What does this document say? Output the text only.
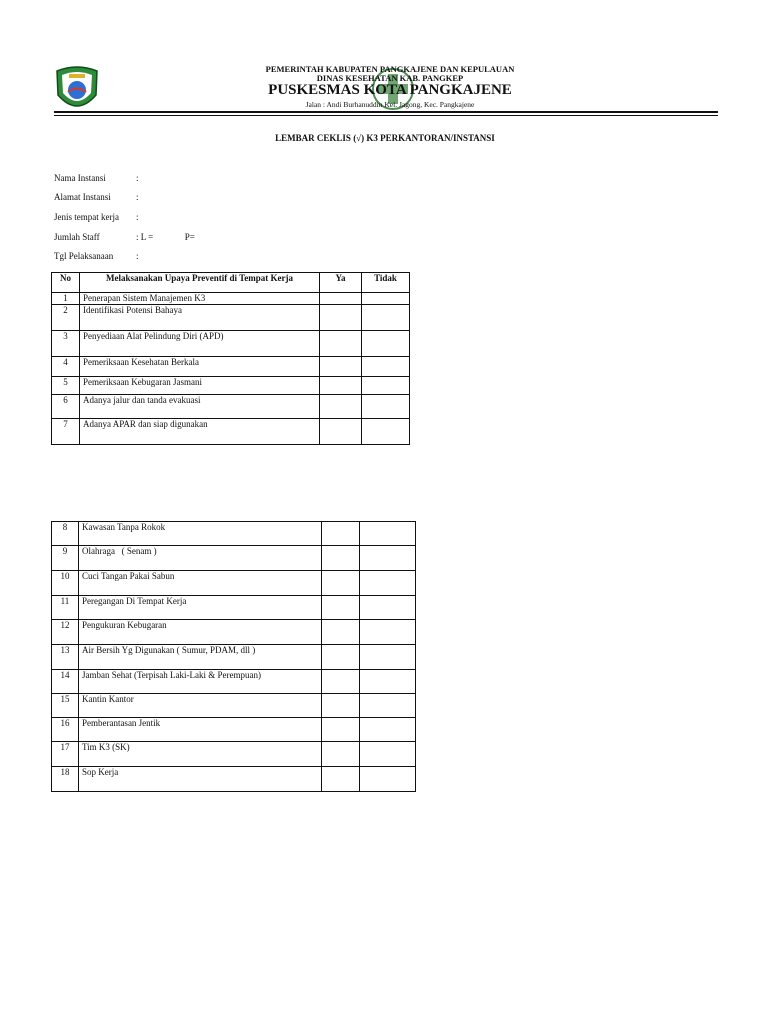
PEMERINTAH KABUPATEN PANGKAJENE DAN KEPULAUAN
DINAS KESEHATAN KAB. PANGKEP
PUSKESMAS KOTA PANGKAJENE
Jalan : Andi Burhanuddin Kel. Jagong, Kec. Pangkajene
LEMBAR CEKLIS (√) K3 PERKANTORAN/INSTANSI
Nama Instansi	:
Alamat Instansi	:
Jenis tempat kerja :
Jumlah Staff	: L =              P=
Tgl Pelaksanaan	:
No	Melaksanakan Upaya Preventif di Tempat Kerja	Ya	Tidak
1	Penerapan Sistem Manajemen K3		
2	Identifikasi Potensi Bahaya		
3	Penyediaan Alat Pelindung Diri (APD)		
4	Pemeriksaan Kesehatan Berkala		
5	Pemeriksaan Kebugaran Jasmani		
6	Adanya jalur dan tanda evakuasi		
7	Adanya APAR dan siap digunakan		
8	Kawasan Tanpa Rokok		
9	Olahraga   ( Senam )		
10	Cuci Tangan Pakai Sabun		
11	Peregangan Di Tempat Kerja		
12	Pengukuran Kebugaran		
13	Air Bersih Yg Digunakan ( Sumur, PDAM, dll )		
14	Jamban Sehat (Terpisah Laki-Laki & Perempuan)		
15	Kantin Kantor		
16	Pemberantasan Jentik		
17	Tim K3 (SK)		
18	Sop Kerja		
